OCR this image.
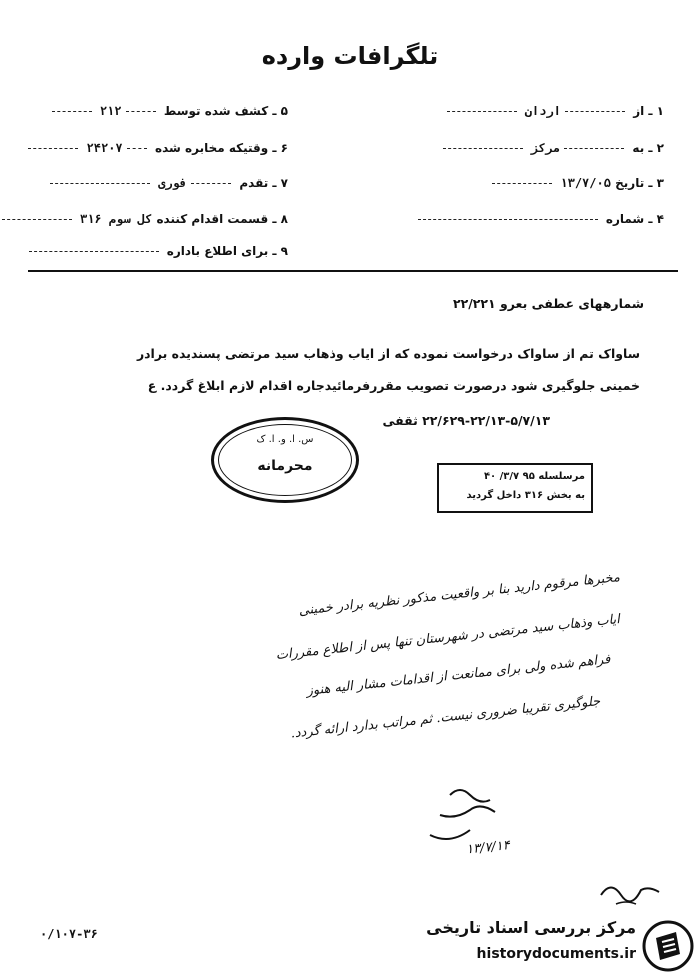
تلگرافات وارده
۱ ـ از  اردان
۲ ـ به  مرکز
۳ ـ تاریخ ۱۳/۷/۰۵
۴ ـ شماره
۵ ـ کشف شده توسط  ۲۱۲
۶ ـ وقتیکه مخابره شده  ۲۴۲۰۷
۷ ـ تقدم  فوری
۸ ـ قسمت اقدام کننده کل سوم ۳۱۶
۹ ـ برای اطلاع باداره
شمارههای عطفی بعرو ۲۲/۲۲۱
ساواک تم از ساواک درخواست نموده که از ایاب وذهاب سید مرتضی پسندیده برادر
خمینی جلوگیری شود درصورت تصویب مقررفرمائیدجاره اقدام لازم ابلاغ گردد. ع
۲۲/۶۲۹-۲۲/۱۳-۵/۷/۱۳ ثقفی
س. ا. و. ا. ک
محرمانه
مرسلسله ۹۵ ۳/۷/ ۴۰
به بخش ۳۱۶ داخل گردید
مخبرها مرقوم دارید بنا بر واقعیت مذکور نظریه برادر خمینی
ایاب وذهاب سید مرتضی در شهرستان تنها پس از اطلاع مقررات
فراهم شده ولی برای ممانعت از اقدامات مشار الیه هنوز
جلوگیری تقریبا ضروری نیست. ثم مراتب بدارد ارائه گردد.
۱۳/۷/۱۴
۰/۱۰۷-۳۶	مرکز بررسی اسناد تاریخی
historydocuments.ir
